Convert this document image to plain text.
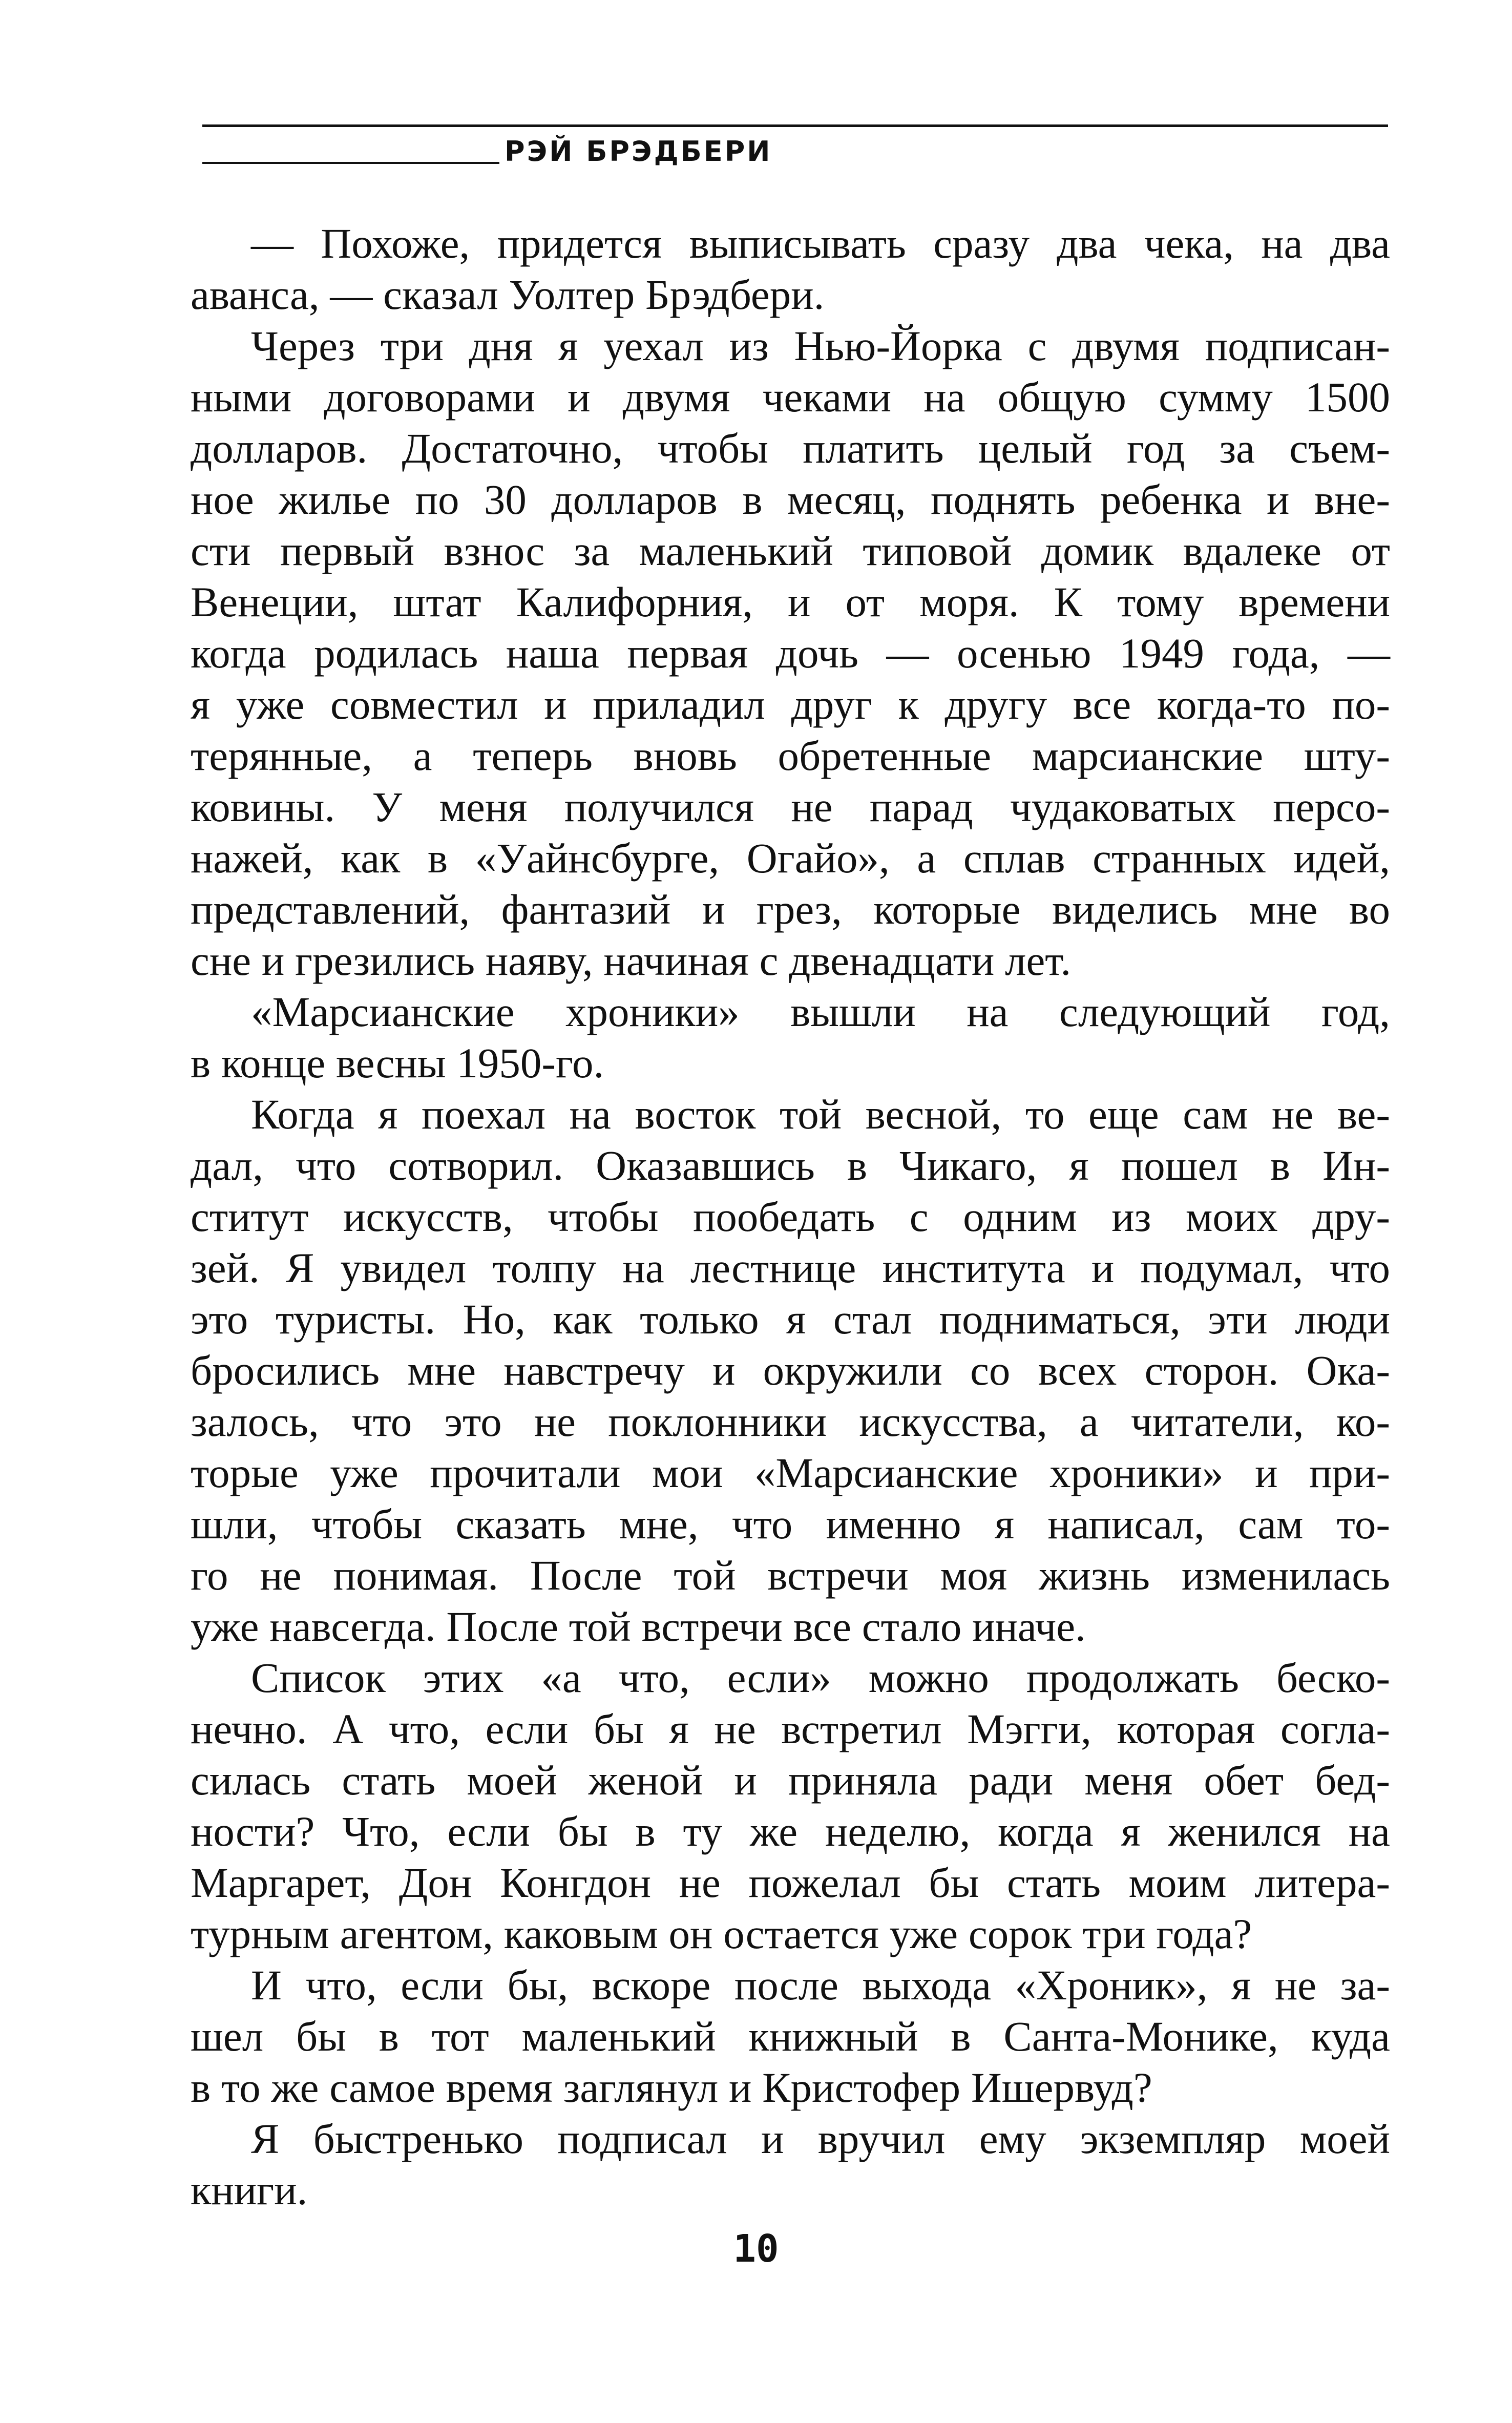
РЭЙ БРЭДБЕРИ
— Похоже, придется выписывать сразу два чека, на два
аванса, — сказал Уолтер Брэдбери.
Через три дня я уехал из Нью-Йорка с двумя подписан-
ными договорами и двумя чеками на общую сумму 1500
долларов. Достаточно, чтобы платить целый год за съем-
ное жилье по 30 долларов в месяц, поднять ребенка и вне-
сти первый взнос за маленький типовой домик вдалеке от
Венеции, штат Калифорния, и от моря. К тому времени
когда родилась наша первая дочь — осенью 1949 года, —
я уже совместил и приладил друг к другу все когда-то по-
терянные, а теперь вновь обретенные марсианские шту-
ковины. У меня получился не парад чудаковатых персо-
нажей, как в «Уайнсбурге, Огайо», а сплав странных идей,
представлений, фантазий и грез, которые виделись мне во
сне и грезились наяву, начиная с двенадцати лет.
«Марсианские хроники» вышли на следующий год,
в конце весны 1950-го.
Когда я поехал на восток той весной, то еще сам не ве-
дал, что сотворил. Оказавшись в Чикаго, я пошел в Ин-
ститут искусств, чтобы пообедать с одним из моих дру-
зей. Я увидел толпу на лестнице института и подумал, что
это туристы. Но, как только я стал подниматься, эти люди
бросились мне навстречу и окружили со всех сторон. Ока-
залось, что это не поклонники искусства, а читатели, ко-
торые уже прочитали мои «Марсианские хроники» и при-
шли, чтобы сказать мне, что именно я написал, сам то-
го не понимая. После той встречи моя жизнь изменилась
уже навсегда. После той встречи все стало иначе.
Список этих «а что, если» можно продолжать беско-
нечно. А что, если бы я не встретил Мэгги, которая согла-
силась стать моей женой и приняла ради меня обет бед-
ности? Что, если бы в ту же неделю, когда я женился на
Маргарет, Дон Конгдон не пожелал бы стать моим литера-
турным агентом, каковым он остается уже сорок три года?
И что, если бы, вскоре после выхода «Хроник», я не за-
шел бы в тот маленький книжный в Санта-Монике, куда
в то же самое время заглянул и Кристофер Ишервуд?
Я быстренько подписал и вручил ему экземпляр моей
книги.
10
